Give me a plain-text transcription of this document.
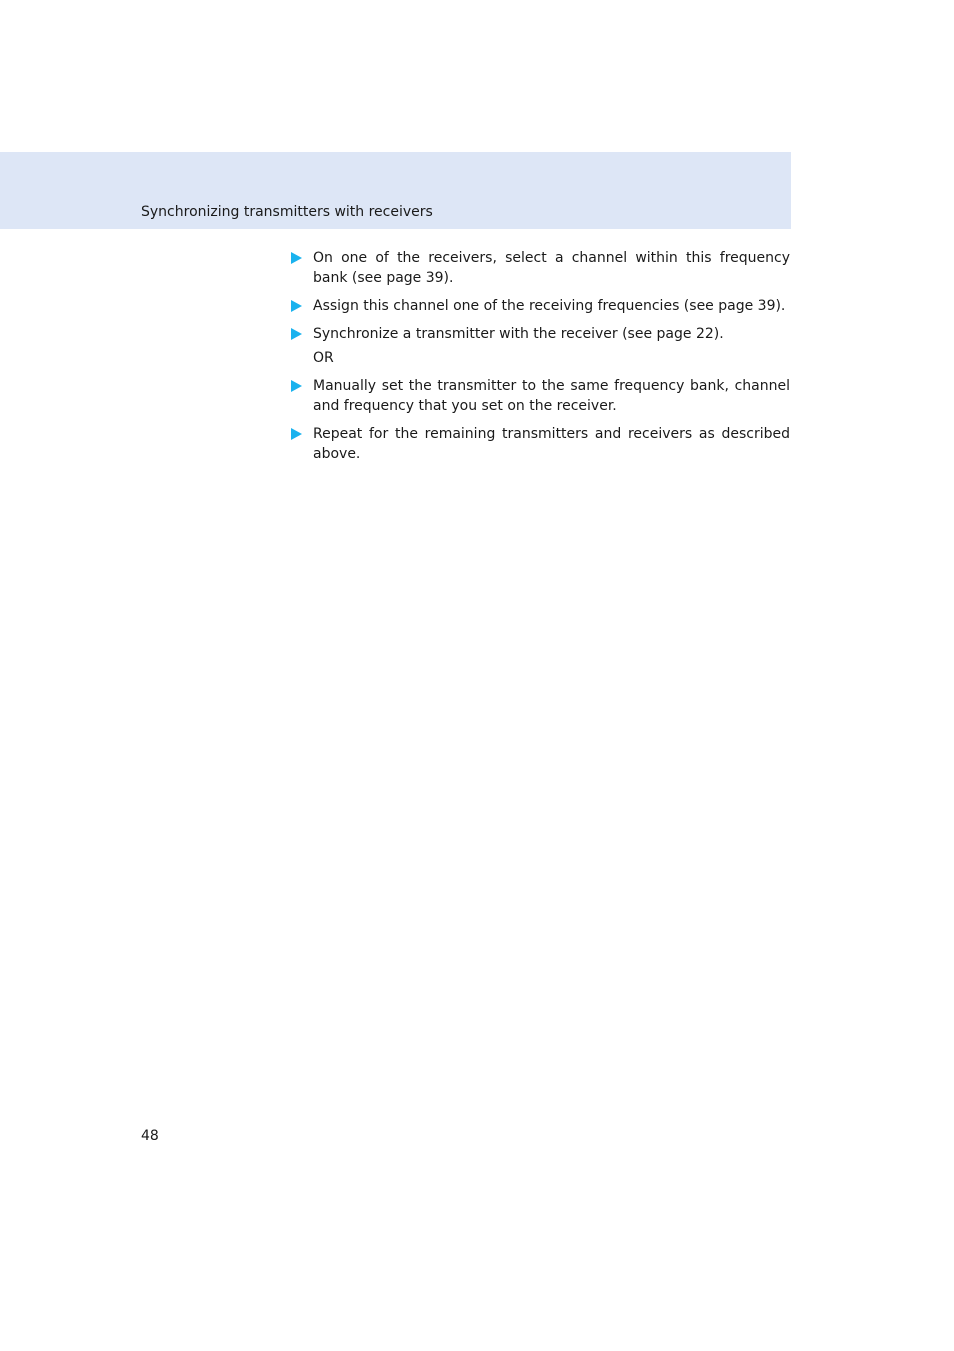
Synchronizing transmitters with receivers
On one of the receivers, select a channel within this frequency bank (see page 39).
Assign this channel one of the receiving frequencies (see page 39).
Synchronize a transmitter with the receiver (see page 22).
OR
Manually set the transmitter to the same frequency bank, channel and frequency that you set on the receiver.
Repeat for the remaining transmitters and receivers as described above.
48
